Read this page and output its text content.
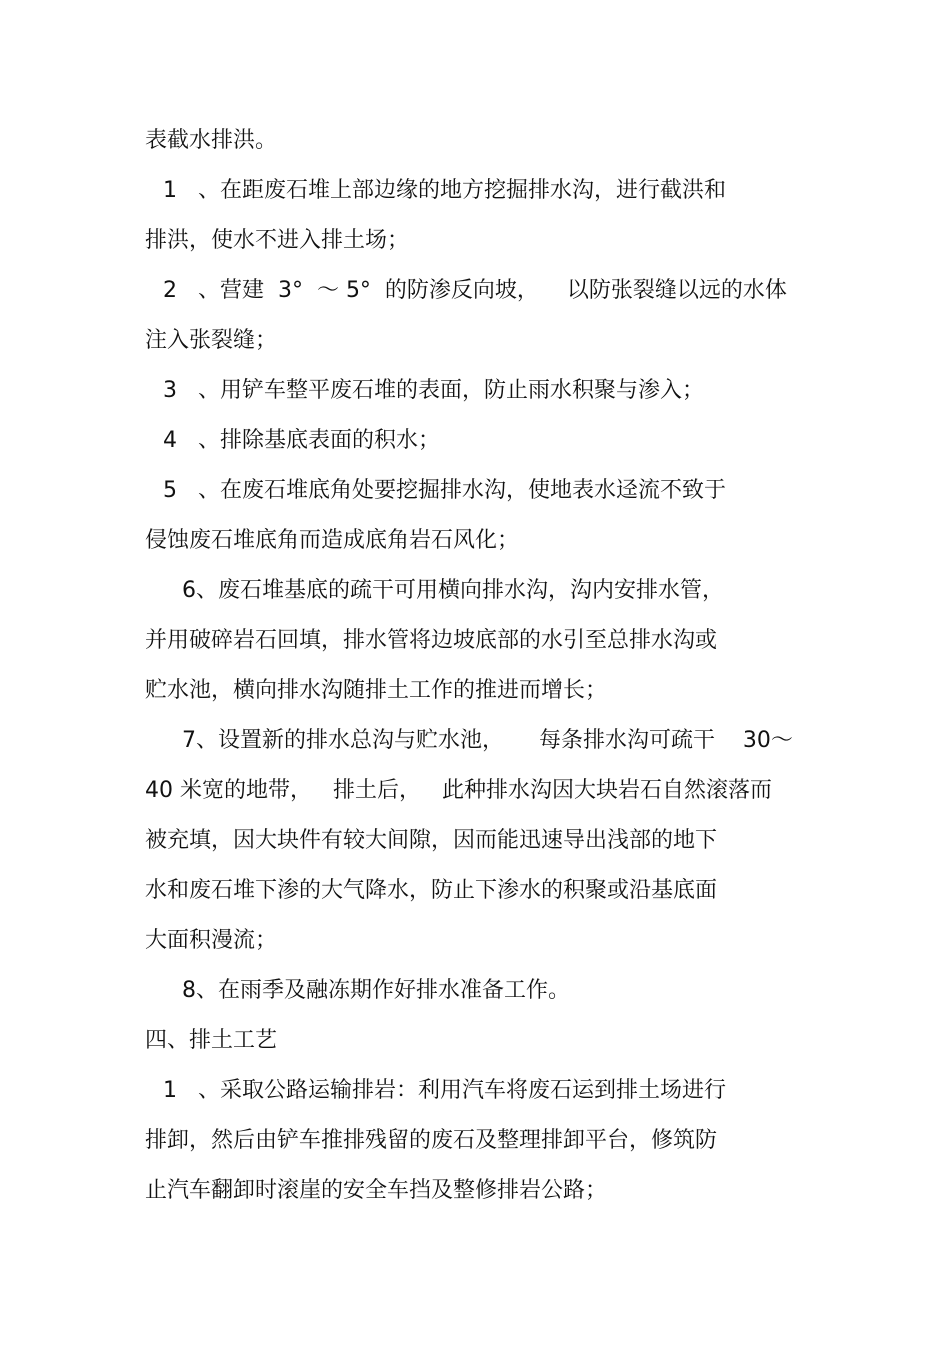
表截水排洪。
1   、在距废石堆上部边缘的地方挖掘排水沟，进行截洪和
排洪，使水不进入排土场；
2   、营建  3°  ～ 5°  的防渗反向坡，    以防张裂缝以远的水体
注入张裂缝；
3   、用铲车整平废石堆的表面，防止雨水积聚与渗入；
4   、排除基底表面的积水；
5   、在废石堆底角处要挖掘排水沟，使地表水迳流不致于
侵蚀废石堆底角而造成底角岩石风化；
6、废石堆基底的疏干可用横向排水沟，沟内安排水管，
并用破碎岩石回填，排水管将边坡底部的水引至总排水沟或
贮水池，横向排水沟随排土工作的推进而增长；
7、设置新的排水总沟与贮水池，     每条排水沟可疏干    30～
40 米宽的地带，   排土后，   此种排水沟因大块岩石自然滚落而
被充填，因大块件有较大间隙，因而能迅速导出浅部的地下
水和废石堆下渗的大气降水，防止下渗水的积聚或沿基底面
大面积漫流；
8、在雨季及融冻期作好排水准备工作。
四、排土工艺
1   、采取公路运输排岩：利用汽车将废石运到排土场进行
排卸，然后由铲车推排残留的废石及整理排卸平台，修筑防
止汽车翻卸时滚崖的安全车挡及整修排岩公路；
